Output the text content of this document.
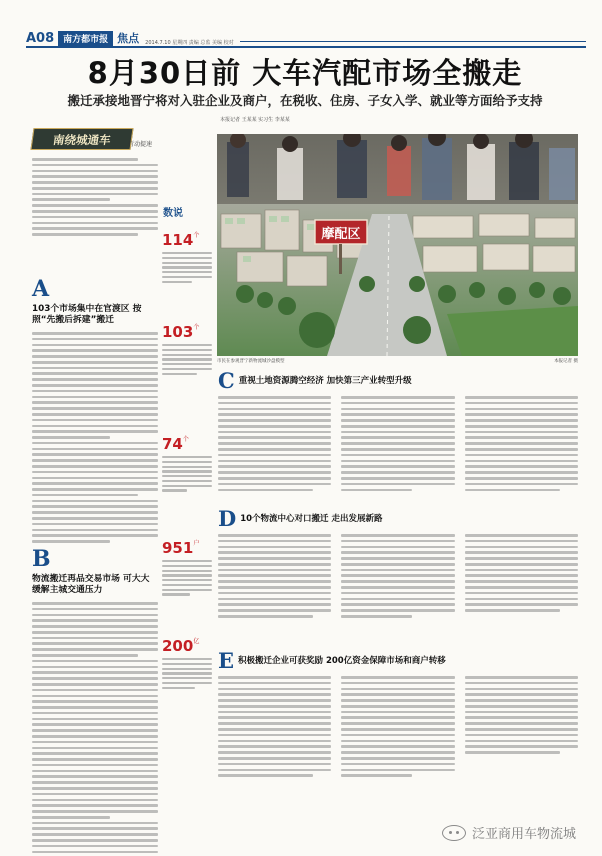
A08	南方都市报 焦点 2014.7.10 星期四 责编 总监 美编 校对
8月30日前 大车汽配市场全搬走
搬迁承接地晋宁将对入驻企业及商户，在税收、住房、子女入学、就业等方面给予支持
本报记者 王某某 实习生 李某某
南绕城通车	行动提速
A
103个市场集中在官渡区 按照“先搬后拆建”搬迁
B
物流搬迁再品交易市场 可大大缓解主城交通压力
数说
$114^个$
$103^个$
$74^个$
$951^户$
$200^亿$
摩配区
市民在参观晋宁新物流城沙盘模型	本报记者 摄
C 重视土地资源腾空经济 加快第三产业转型升级
D 10个物流中心对口搬迁 走出发展新路
E 积极搬迁企业可获奖励 200亿资金保障市场和商户转移
泛亚商用车物流城
